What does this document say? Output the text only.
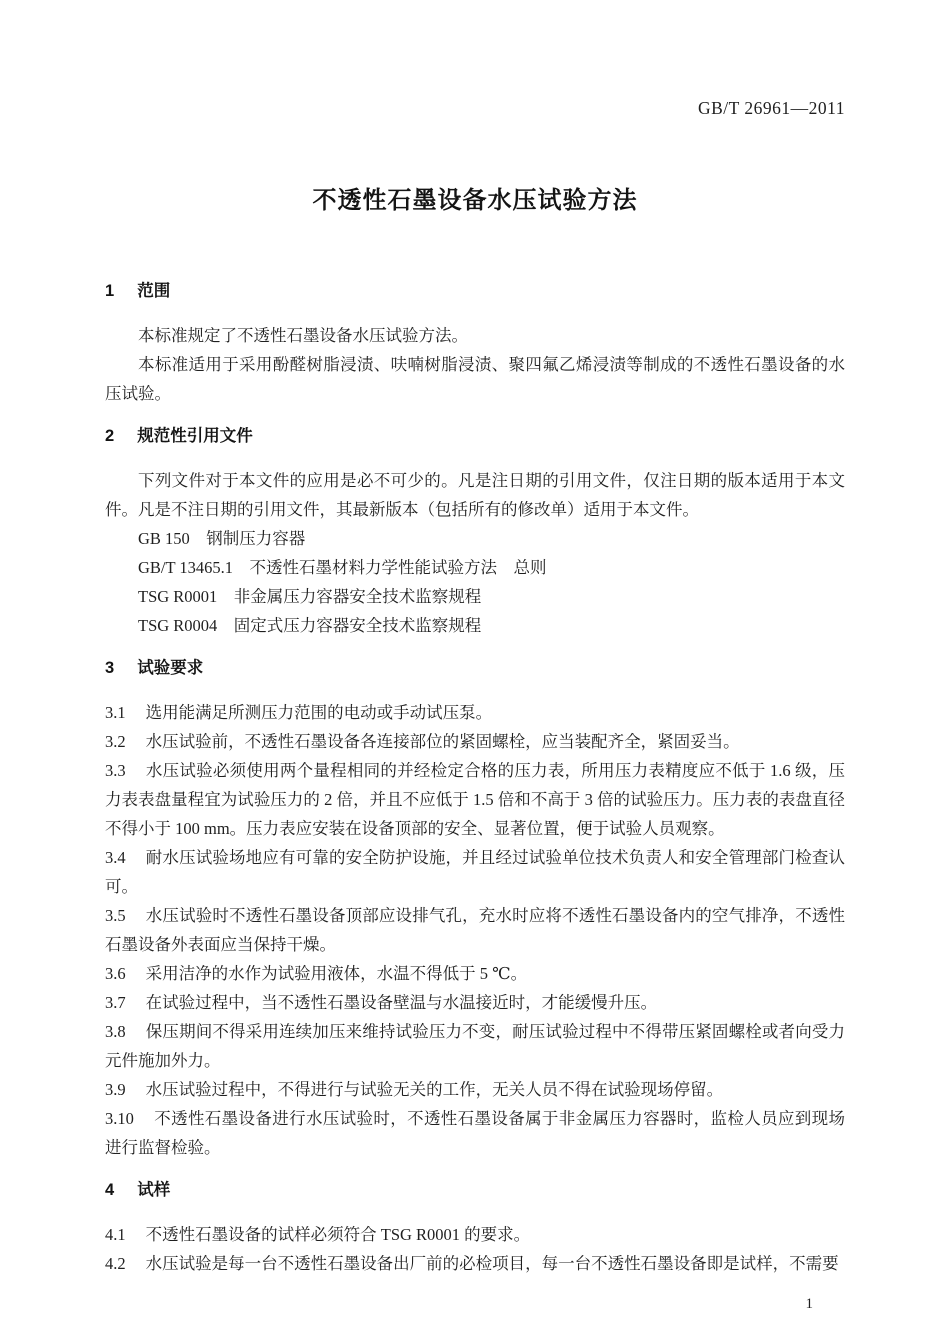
GB/T 26961—2011
不透性石墨设备水压试验方法
1 范围

本标准规定了不透性石墨设备水压试验方法。

本标准适用于采用酚醛树脂浸渍、呋喃树脂浸渍、聚四氟乙烯浸渍等制成的不透性石墨设备的水压试验。

2 规范性引用文件

下列文件对于本文件的应用是必不可少的。凡是注日期的引用文件，仅注日期的版本适用于本文件。凡是不注日期的引用文件，其最新版本（包括所有的修改单）适用于本文件。

GB 150　钢制压力容器

GB/T 13465.1　不透性石墨材料力学性能试验方法　总则

TSG R0001　非金属压力容器安全技术监察规程

TSG R0004　固定式压力容器安全技术监察规程

3 试验要求

3.1 选用能满足所测压力范围的电动或手动试压泵。

3.2 水压试验前，不透性石墨设备各连接部位的紧固螺栓，应当装配齐全，紧固妥当。

3.3 水压试验必须使用两个量程相同的并经检定合格的压力表，所用压力表精度应不低于 1.6 级，压力表表盘量程宜为试验压力的 2 倍，并且不应低于 1.5 倍和不高于 3 倍的试验压力。压力表的表盘直径不得小于 100 mm。压力表应安装在设备顶部的安全、显著位置，便于试验人员观察。

3.4 耐水压试验场地应有可靠的安全防护设施，并且经过试验单位技术负责人和安全管理部门检查认可。

3.5 水压试验时不透性石墨设备顶部应设排气孔，充水时应将不透性石墨设备内的空气排净，不透性石墨设备外表面应当保持干燥。

3.6 采用洁净的水作为试验用液体，水温不得低于 5 ℃。

3.7 在试验过程中，当不透性石墨设备壁温与水温接近时，才能缓慢升压。

3.8 保压期间不得采用连续加压来维持试验压力不变，耐压试验过程中不得带压紧固螺栓或者向受力元件施加外力。

3.9 水压试验过程中，不得进行与试验无关的工作，无关人员不得在试验现场停留。

3.10 不透性石墨设备进行水压试验时，不透性石墨设备属于非金属压力容器时，监检人员应到现场进行监督检验。

4 试样

4.1 不透性石墨设备的试样必须符合 TSG R0001 的要求。

4.2 水压试验是每一台不透性石墨设备出厂前的必检项目，每一台不透性石墨设备即是试样，不需要

1
